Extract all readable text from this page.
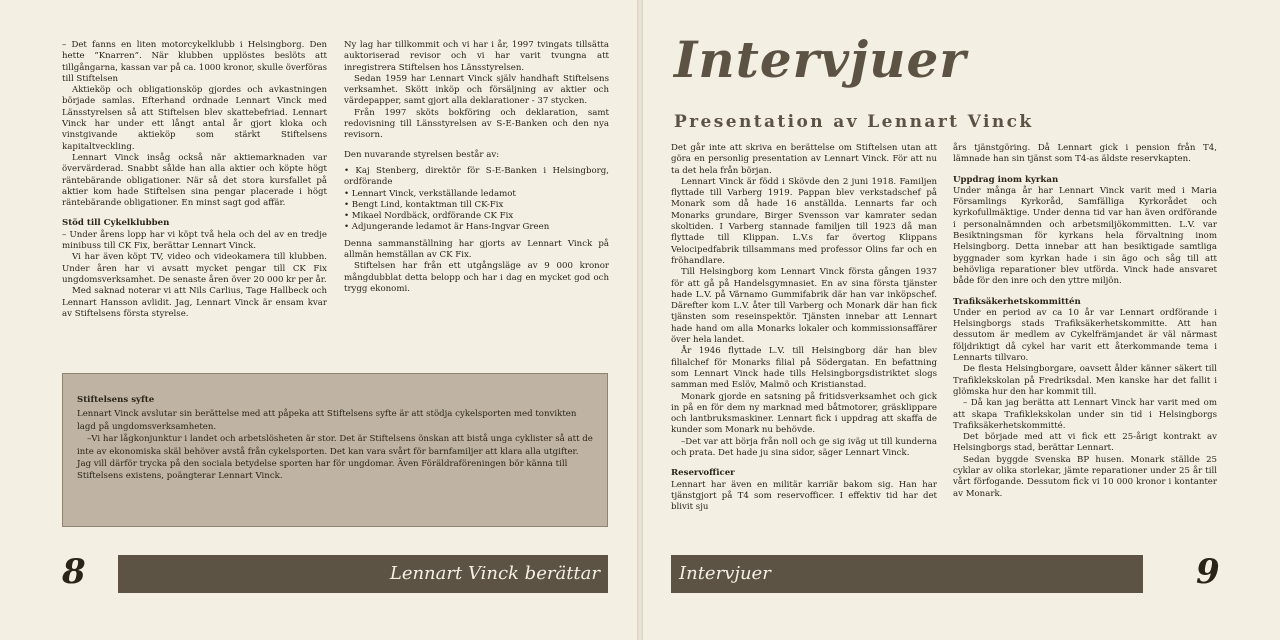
– Det fanns en liten motorcykelklubb i Helsingborg. Den hette ”Knarren”. När klubben upplöstes beslöts att tillgångarna, kassan var på ca. 1000 kronor, skulle överföras till Stiftelsen

Aktieköp och obligationsköp gjordes och avkastningen började samlas. Efterhand ordnade Lennart Vinck med Länsstyrelsen så att Stiftelsen blev skattebefriad. Lennart Vinck har under ett långt antal år gjort kloka och vinstgivande aktieköp som stärkt Stiftelsens kapitaltveckling.

Lennart Vinck insåg också när aktiemarknaden var övervärderad. Snabbt sålde han alla aktier och köpte högt räntebärande obligationer. När så det stora kursfallet på aktier kom hade Stiftelsen sina pengar placerade i högt räntebärande obligationer. En minst sagt god affär.

Stöd till Cykelklubben

– Under årens lopp har vi köpt två hela och del av en tredje minibuss till CK Fix, berättar Lennart Vinck.

Vi har även köpt TV, video och videokamera till klubben. Under åren har vi avsatt mycket pengar till CK Fix ungdomsverksamhet. De senaste åren över 20 000 kr per år.

Med saknad noterar vi att Nils Carlius, Tage Hallbeck och Lennart Hansson avlidit. Jag, Lennart Vinck är ensam kvar av Stiftelsens första styrelse.

Ny lag har tillkommit och vi har i år, 1997 tvingats tillsätta auktoriserad revisor och vi har varit tvungna att inregistrera Stiftelsen hos Länsstyrelsen.

Sedan 1959 har Lennart Vinck själv handhaft Stiftelsens verksamhet. Skött inköp och försäljning av aktier och värdepapper, samt gjort alla deklarationer - 37 stycken.

Från 1997 sköts bokföring och deklaration, samt redovisning till Länsstyrelsen av S-E-Banken och den nya revisorn.

Den nuvarande styrelsen består av:

• Kaj Stenberg, direktör för S-E-Banken i Helsingborg, ordförande
• Lennart Vinck, verkställande ledamot
• Bengt Lind, kontaktman till CK-Fix
• Mikael Nordbäck, ordförande CK Fix
• Adjungerande ledamot är Hans-Ingvar Green

Denna sammanställning har gjorts av Lennart Vinck på allmän hemställan av CK Fix.

Stiftelsen har från ett utgångsläge av 9 000 kronor mångdubblat detta belopp och har i dag en mycket god och trygg ekonomi.

Stiftelsens syfte

Lennart Vinck avslutar sin berättelse med att påpeka att Stiftelsens syfte är att stödja cykelsporten med tonvikten lagd på ungdomsverksamheten.

–Vi har lågkonjunktur i landet och arbetslösheten är stor. Det är Stiftelsens önskan att bistå unga cyklister så att de inte av ekonomiska skäl behöver avstå från cykelsporten. Det kan vara svårt för barnfamiljer att klara alla utgifter. Jag vill därför trycka på den sociala betydelse sporten har för ungdomar. Även Föräldraföreningen bör känna till Stiftelsens existens, poängterar Lennart Vinck.

8	Lennart Vinck berättar
Intervjuer
Presentation av Lennart Vinck

Det går inte att skriva en berättelse om Stiftelsen utan att göra en personlig presentation av Lennart Vinck. För att nu ta det hela från början.

Lennart Vinck är född i Skövde den 2 juni 1918. Familjen flyttade till Varberg 1919. Pappan blev verkstadschef på Monark som då hade 16 anställda. Lennarts far och Monarks grundare, Birger Svensson var kamrater sedan skoltiden. I Varberg stannade familjen till 1923 då man flyttade till Klippan. L.V.s far övertog Klippans Velocipedfabrik tillsammans med professor Olins far och en fröhandlare.

Till Helsingborg kom Lennart Vinck första gången 1937 för att gå på Handelsgymnasiet. En av sina första tjänster hade L.V. på Värnamo Gummifabrik där han var inköpschef. Därefter kom L.V. åter till Varberg och Monark där han fick tjänsten som reseinspektör. Tjänsten innebar att Lennart hade hand om alla Monarks lokaler och kommissionsaffärer över hela landet.

År 1946 flyttade L.V. till Helsingborg där han blev filialchef för Monarks filial på Södergatan. En befattning som Lennart Vinck hade tills Helsingborgsdistriktet slogs samman med Eslöv, Malmö och Kristianstad.

Monark gjorde en satsning på fritidsverksamhet och gick in på en för dem ny marknad med båtmotorer, gräsklippare och lantbruksmaskiner. Lennart fick i uppdrag att skaffa de kunder som Monark nu behövde.

–Det var att börja från noll och ge sig iväg ut till kunderna och prata. Det hade ju sina sidor, säger Lennart Vinck.

Reservofficer

Lennart har även en militär karriär bakom sig. Han har tjänstgjort på T4 som reservofficer. I effektiv tid har det blivit sju

års tjänstgöring. Då Lennart gick i pension från T4, lämnade han sin tjänst som T4-as äldste reservkapten.

Uppdrag inom kyrkan

Under många år har Lennart Vinck varit med i Maria Församlings Kyrkoråd, Samfälliga Kyrkorådet och kyrkofullmäktige. Under denna tid var han även ordförande i personalnämnden och arbetsmiljökommitten. L.V. var Besiktningsman för kyrkans hela förvaltning inom Helsingborg. Detta innebar att han besiktigade samtliga byggnader som kyrkan hade i sin ägo och såg till att behövliga reparationer blev utförda. Vinck hade ansvaret både för den inre och den yttre miljön.

Trafiksäkerhetskommittén

Under en period av ca 10 år var Lennart ordförande i Helsingborgs stads Trafiksäkerhetskommitte. Att han dessutom är medlem av Cykelfrämjandet är väl närmast följdriktigt då cykel har varit ett återkommande tema i Lennarts tillvaro.

De flesta Helsingborgare, oavsett ålder känner säkert till Trafiklekskolan på Fredriksdal. Men kanske har det fallit i glömska hur den har kommit till.

– Då kan jag berätta att Lennart Vinck har varit med om att skapa Trafiklekskolan under sin tid i Helsingborgs Trafiksäkerhetskommitté.

Det började med att vi fick ett 25-årigt kontrakt av Helsingborgs stad, berättar Lennart.

Sedan byggde Svenska BP husen. Monark ställde 25 cyklar av olika storlekar, jämte reparationer under 25 år till vårt förfogande. Dessutom fick vi 10 000 kronor i kontanter av Monark.

Intervjuer	9
